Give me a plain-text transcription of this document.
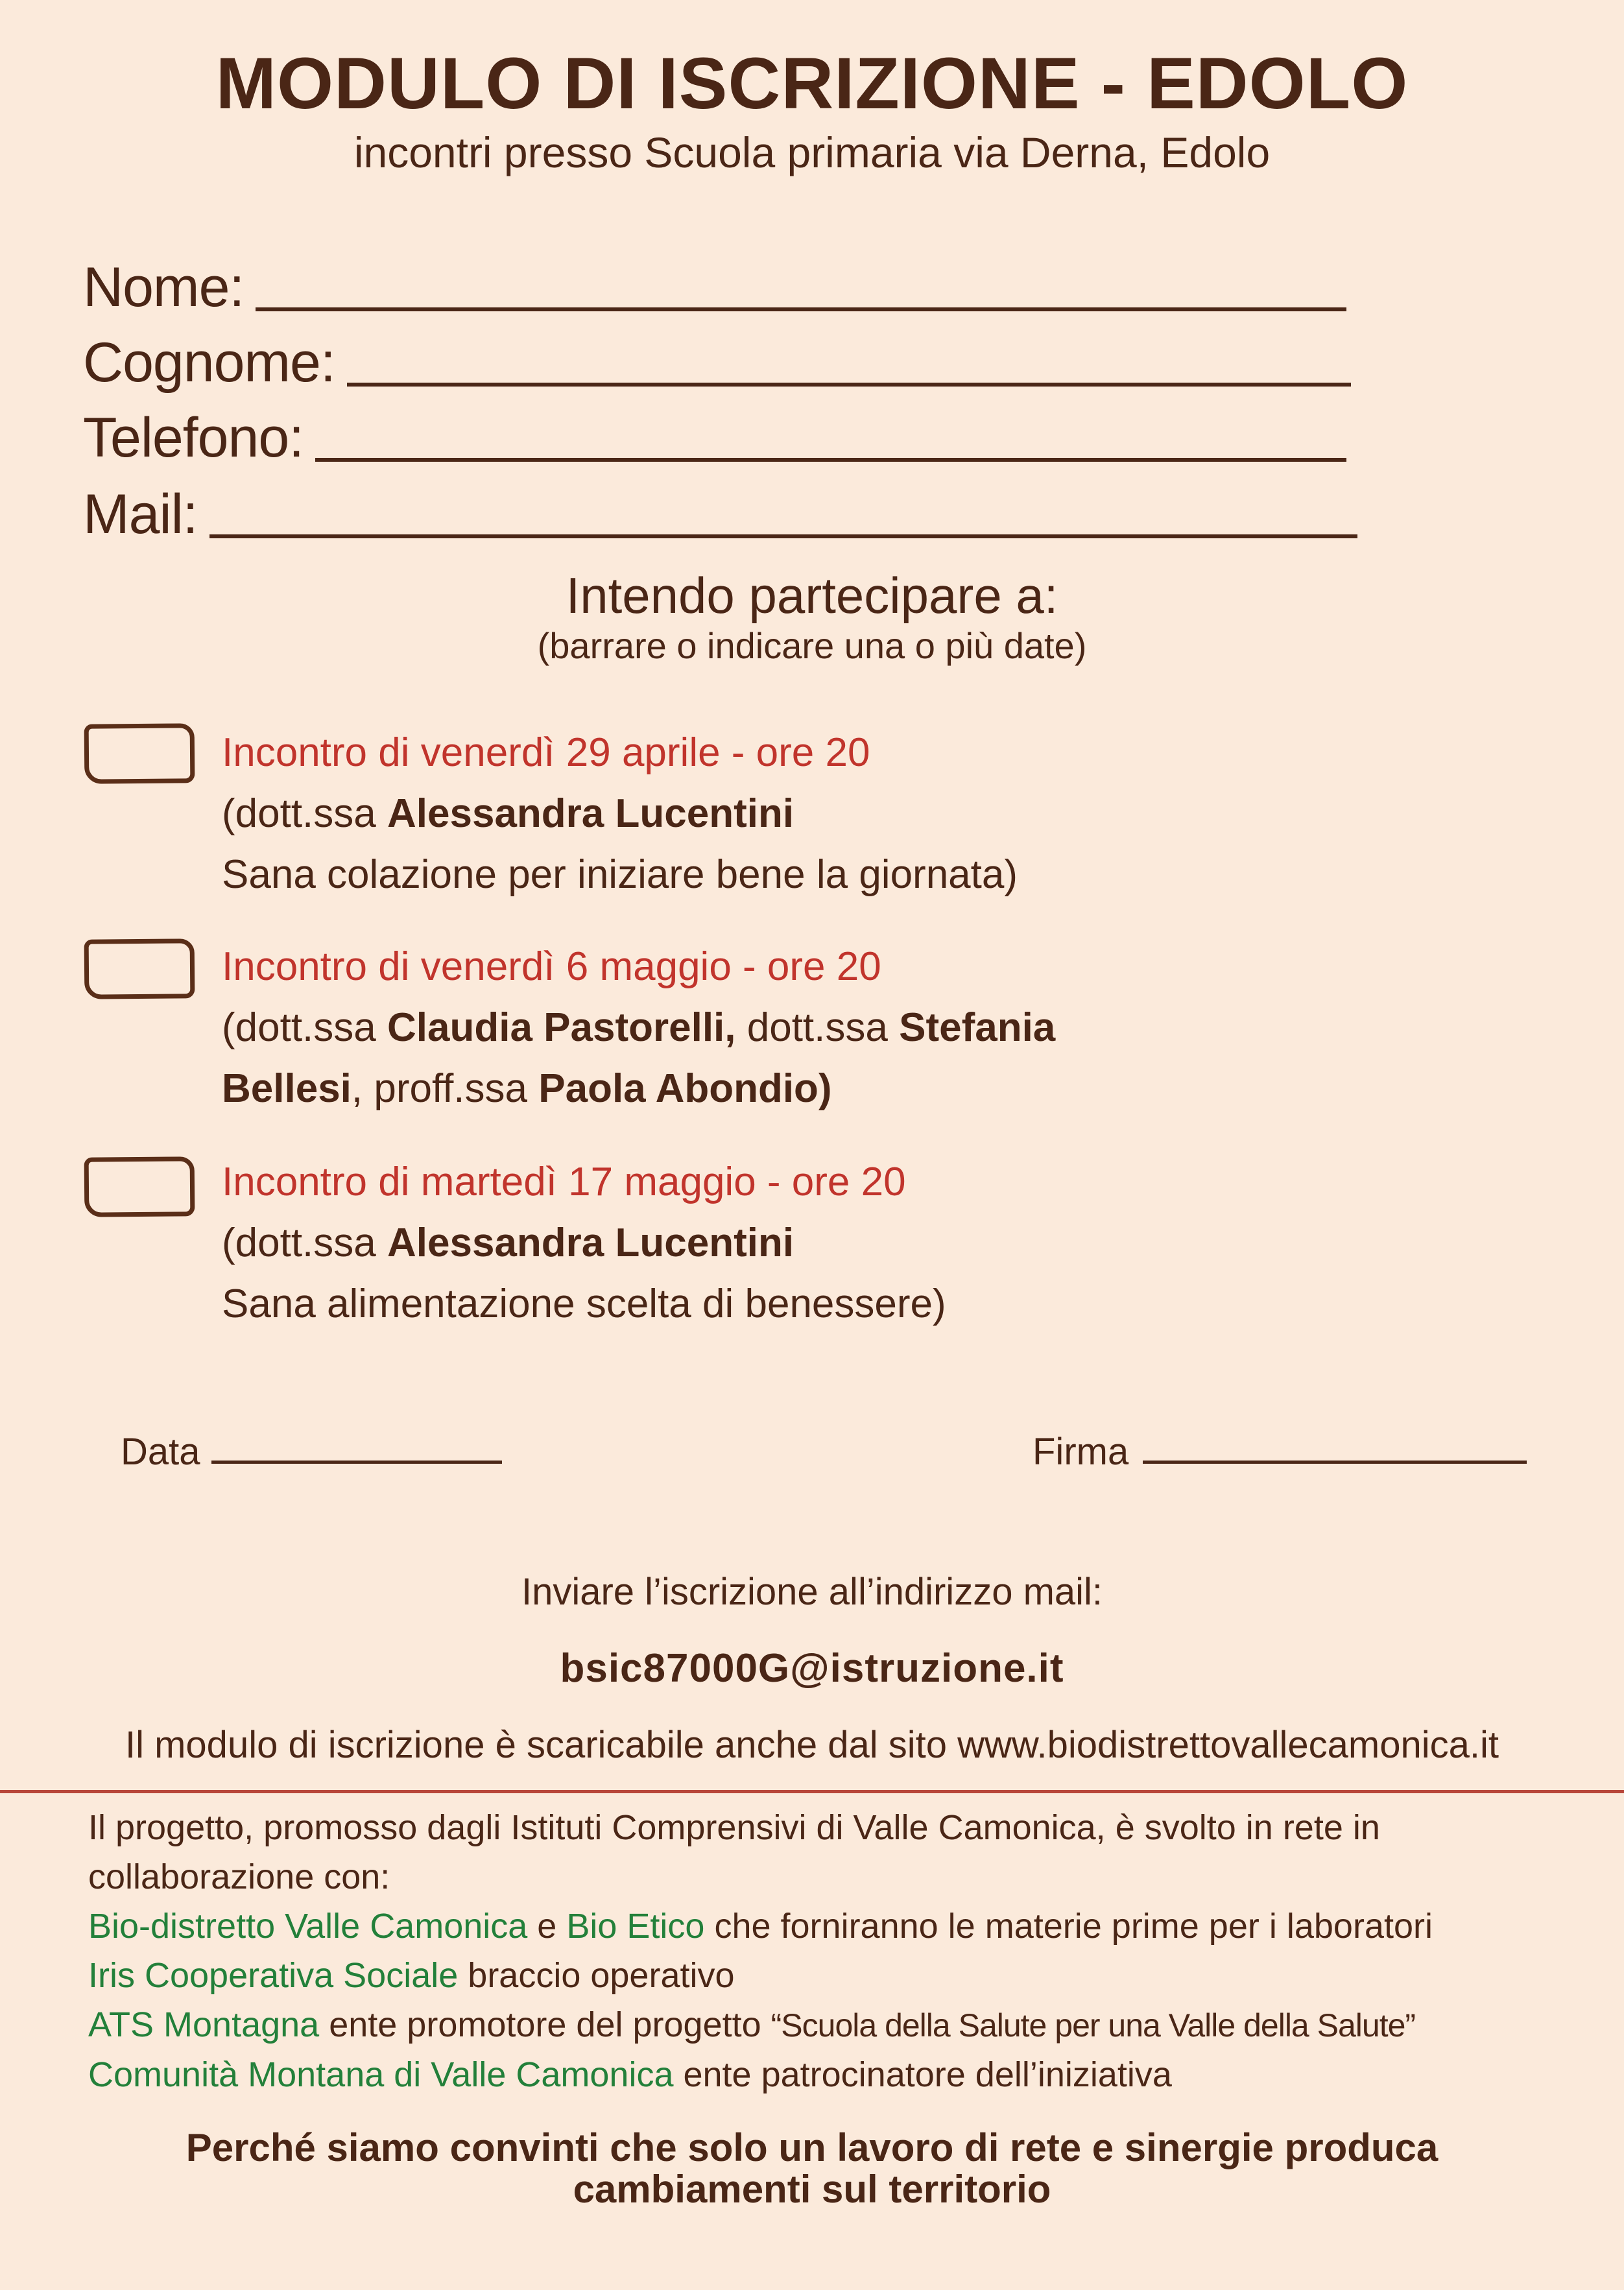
MODULO DI ISCRIZIONE - EDOLO
incontri presso Scuola primaria via Derna, Edolo
Nome:
Cognome:
Telefono:
Mail:
Intendo partecipare a:
(barrare o indicare una o più date)
Incontro di venerdì 29 aprile - ore 20
(dott.ssa Alessandra Lucentini
Sana colazione per iniziare bene la giornata)
Incontro di venerdì 6 maggio - ore 20
(dott.ssa Claudia Pastorelli, dott.ssa Stefania
Bellesi, proff.ssa Paola Abondio)
Incontro di martedì 17 maggio - ore 20
(dott.ssa Alessandra Lucentini
Sana alimentazione scelta di benessere)
Data	Firma
Inviare l’iscrizione all’indirizzo mail:
bsic87000G@istruzione.it
Il modulo di iscrizione è scaricabile anche dal sito www.biodistrettovallecamonica.it
Il progetto, promosso dagli Istituti Comprensivi di Valle Camonica, è svolto in rete in
collaborazione con:
Bio-distretto Valle Camonica e Bio Etico che forniranno le materie prime per i laboratori
Iris Cooperativa Sociale braccio operativo
ATS Montagna ente promotore del progetto “Scuola della Salute per una Valle della Salute”
Comunità Montana di Valle Camonica ente patrocinatore dell’iniziativa
Perché siamo convinti che solo un lavoro di rete e sinergie produca
cambiamenti sul territorio
